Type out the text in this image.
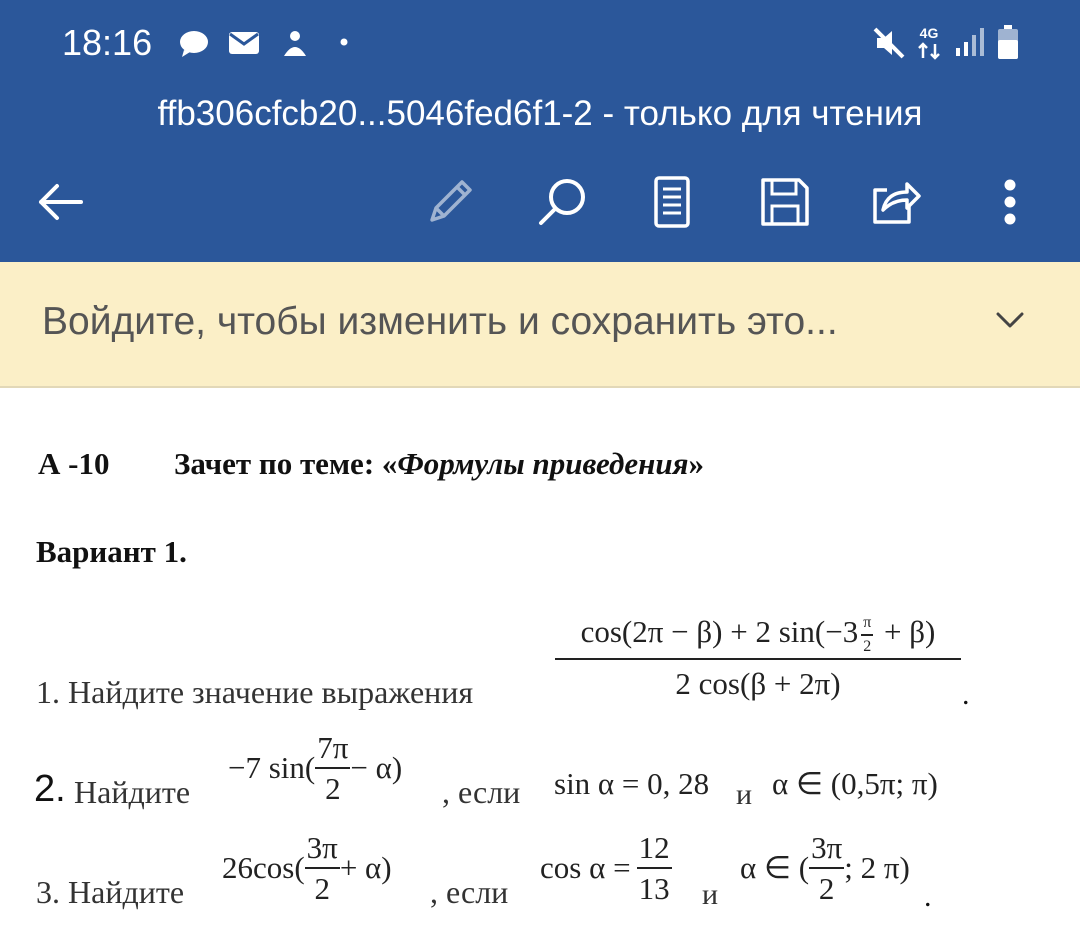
18:16	4G
ffb306cfcb20...5046fed6f1-2 - только для чтения
Войдите, чтобы изменить и сохранить это...
А -10 Зачет по теме: «Формулы приведения»
Вариант 1.
1. Найдите значение выражения
cos(2π − β) + 2 $\sin(-3 \frac{\pi}{2} + \beta)$
2 cos(β + 2π)	.
2. Найдите
−7 $\sin( \frac{7\pi}{2} - \alpha)$
, если sin α = 0, 28 и α ∈ (0,5π; π)
3. Найдите
$26\cos( \frac{3\pi}{2} + \alpha)$
, если
$\cos \alpha = \frac{12}{13}$ и
α ∈ ( $\frac{3\pi}{2}$ ; 2 π)
.
